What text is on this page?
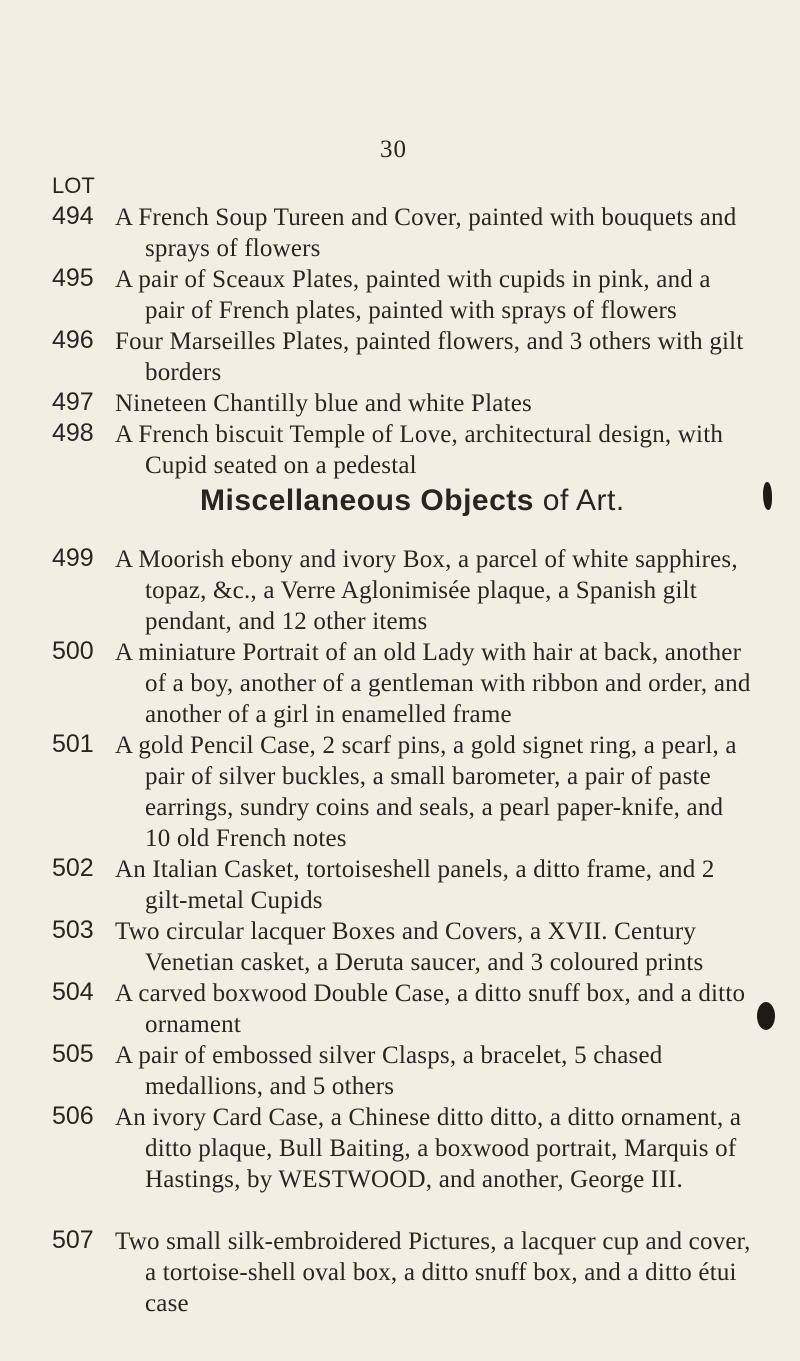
30
LOT
494 A French Soup Tureen and Cover, painted with bouquets and sprays of flowers
495 A pair of Sceaux Plates, painted with cupids in pink, and a pair of French plates, painted with sprays of flowers
496 Four Marseilles Plates, painted flowers, and 3 others with gilt borders
497 Nineteen Chantilly blue and white Plates
498 A French biscuit Temple of Love, architectural design, with Cupid seated on a pedestal
Miscellaneous Objects of Art.
499 A Moorish ebony and ivory Box, a parcel of white sapphires, topaz, &c., a Verre Aglonimisée plaque, a Spanish gilt pendant, and 12 other items
500 A miniature Portrait of an old Lady with hair at back, another of a boy, another of a gentleman with ribbon and order, and another of a girl in enamelled frame
501 A gold Pencil Case, 2 scarf pins, a gold signet ring, a pearl, a pair of silver buckles, a small barometer, a pair of paste earrings, sundry coins and seals, a pearl paper-knife, and 10 old French notes
502 An Italian Casket, tortoiseshell panels, a ditto frame, and 2 gilt-metal Cupids
503 Two circular lacquer Boxes and Covers, a XVII. Century Venetian casket, a Deruta saucer, and 3 coloured prints
504 A carved boxwood Double Case, a ditto snuff box, and a ditto ornament
505 A pair of embossed silver Clasps, a bracelet, 5 chased medallions, and 5 others
506 An ivory Card Case, a Chinese ditto ditto, a ditto ornament, a ditto plaque, Bull Baiting, a boxwood portrait, Marquis of Hastings, by WESTWOOD, and another, George III.
507 Two small silk-embroidered Pictures, a lacquer cup and cover, a tortoise-shell oval box, a ditto snuff box, and a ditto étui case
